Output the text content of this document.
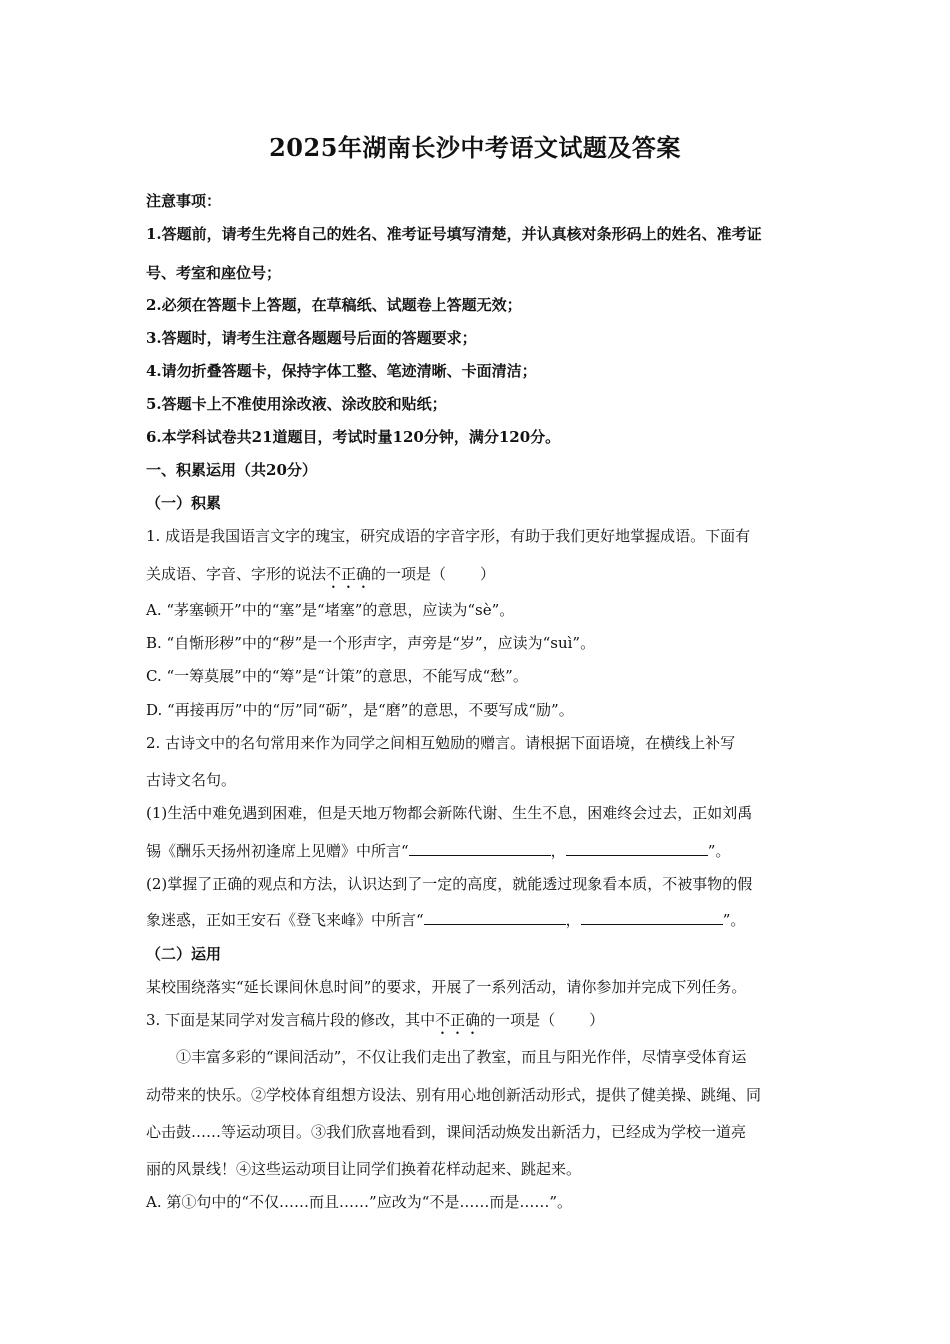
2025年湖南长沙中考语文试题及答案
注意事项：
1.答题前，请考生先将自己的姓名、准考证号填写清楚，并认真核对条形码上的姓名、准考证
号、考室和座位号；
2.必须在答题卡上答题，在草稿纸、试题卷上答题无效；
3.答题时，请考生注意各题题号后面的答题要求；
4.请勿折叠答题卡，保持字体工整、笔迹清晰、卡面清洁；
5.答题卡上不准使用涂改液、涂改胶和贴纸；
6.本学科试卷共21道题目，考试时量120分钟，满分120分。
一、积累运用（共20分）
（一）积累
1. 成语是我国语言文字的瑰宝，研究成语的字音字形，有助于我们更好地掌握成语。下面有
关成语、字音、字形的说法不正确的一项是（ ）
A. “茅塞顿开”中的“塞”是“堵塞”的意思，应读为“sè”。
B. “自惭形秽”中的“秽”是一个形声字，声旁是“岁”，应读为“suì”。
C. “一筹莫展”中的“筹”是“计策”的意思，不能写成“愁”。
D. “再接再厉”中的“厉”同“砺”，是“磨”的意思，不要写成“励”。
2. 古诗文中的名句常用来作为同学之间相互勉励的赠言。请根据下面语境，在横线上补写
古诗文名句。
(1)生活中难免遇到困难，但是天地万物都会新陈代谢、生生不息，困难终会过去，正如刘禹
锡《酬乐天扬州初逢席上见赠》中所言“	，	”。
(2)掌握了正确的观点和方法，认识达到了一定的高度，就能透过现象看本质，不被事物的假
象迷惑，正如王安石《登飞来峰》中所言“	，	”。
（二）运用
某校围绕落实“延长课间休息时间”的要求，开展了一系列活动，请你参加并完成下列任务。
3. 下面是某同学对发言稿片段的修改，其中不正确的一项是（ ）
①丰富多彩的“课间活动”，不仅让我们走出了教室，而且与阳光作伴，尽情享受体育运
动带来的快乐。②学校体育组想方设法、别有用心地创新活动形式，提供了健美操、跳绳、同
心击鼓……等运动项目。③我们欣喜地看到，课间活动焕发出新活力，已经成为学校一道亮
丽的风景线！④这些运动项目让同学们换着花样动起来、跳起来。
A. 第①句中的“不仅……而且……”应改为“不是……而是……”。
